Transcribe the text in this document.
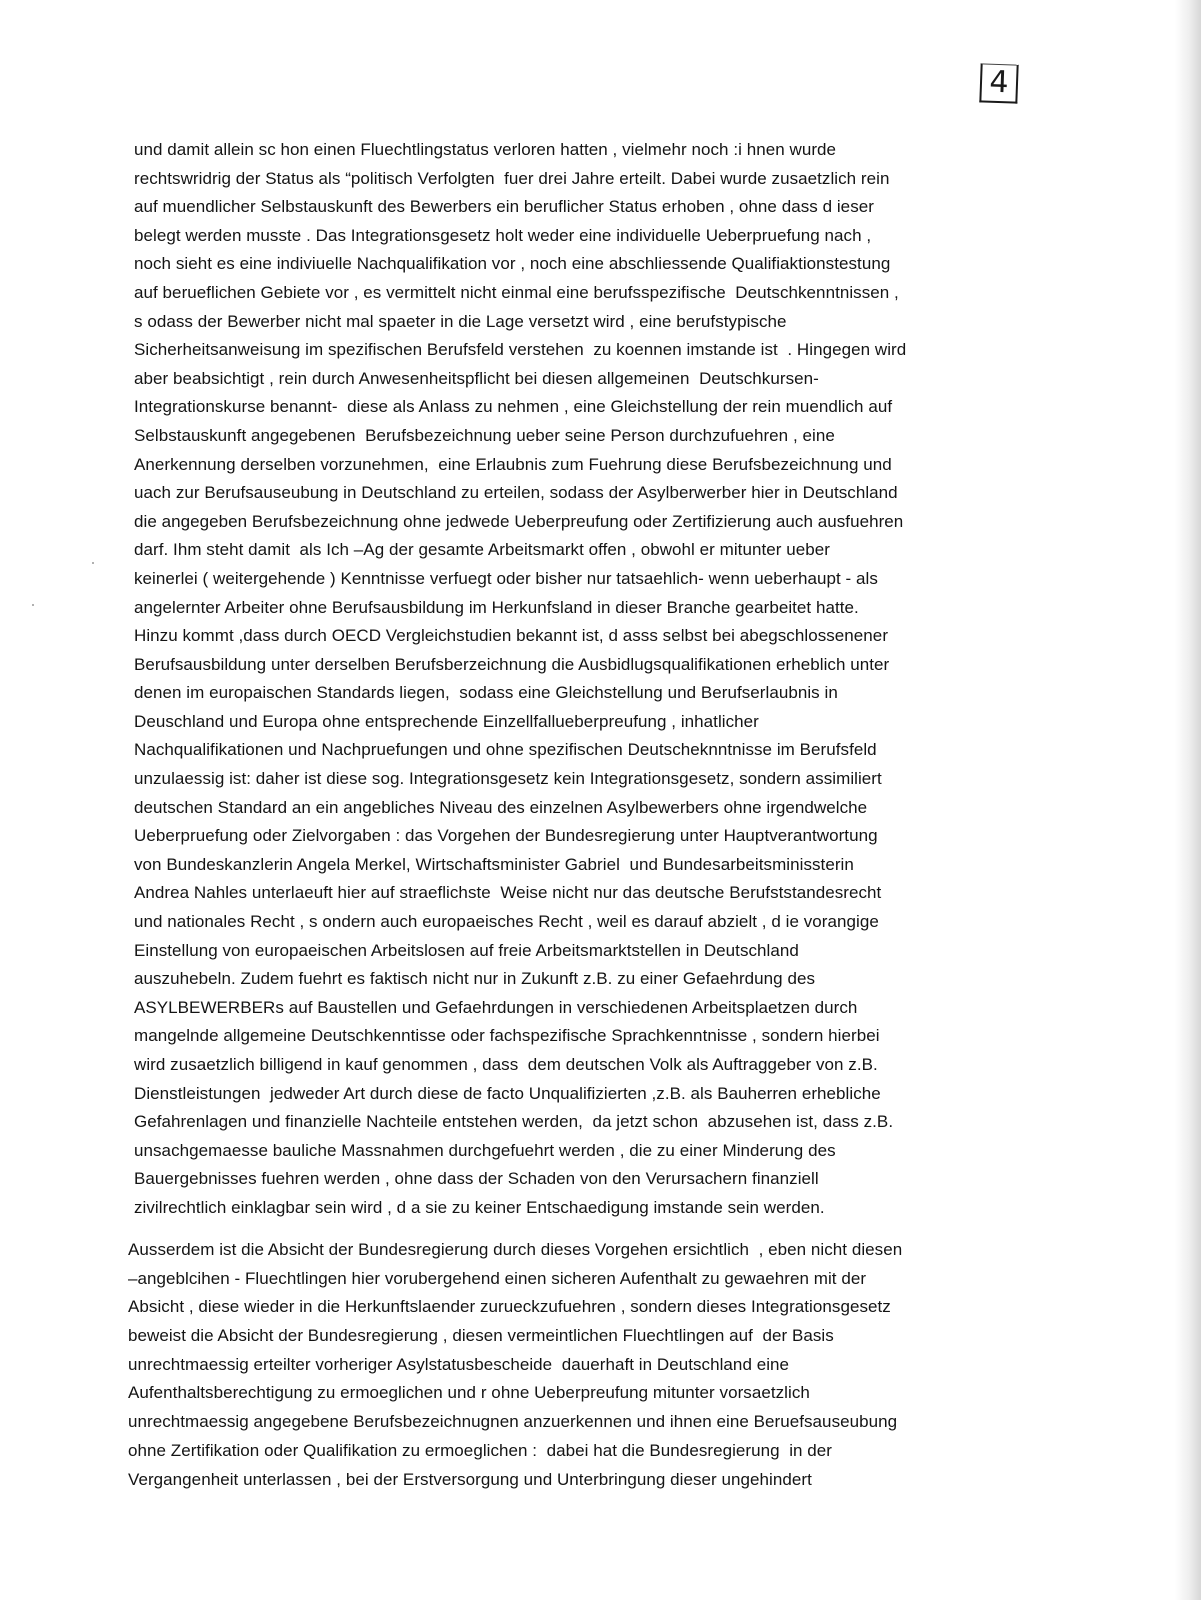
4
und damit allein sc hon einen Fluechtlingstatus verloren hatten , vielmehr noch :i hnen wurde
rechtswridrig der Status als “politisch Verfolgten  fuer drei Jahre erteilt. Dabei wurde zusaetzlich rein
auf muendlicher Selbstauskunft des Bewerbers ein beruflicher Status erhoben , ohne dass d ieser
belegt werden musste . Das Integrationsgesetz holt weder eine individuelle Ueberpruefung nach ,
noch sieht es eine indiviuelle Nachqualifikation vor , noch eine abschliessende Qualifiaktionstestung
auf berueflichen Gebiete vor , es vermittelt nicht einmal eine berufsspezifische  Deutschkenntnissen ,
s odass der Bewerber nicht mal spaeter in die Lage versetzt wird , eine berufstypische
Sicherheitsanweisung im spezifischen Berufsfeld verstehen  zu koennen imstande ist  . Hingegen wird
aber beabsichtigt , rein durch Anwesenheitspflicht bei diesen allgemeinen  Deutschkursen-
Integrationskurse benannt-  diese als Anlass zu nehmen , eine Gleichstellung der rein muendlich auf
Selbstauskunft angegebenen  Berufsbezeichnung ueber seine Person durchzufuehren , eine
Anerkennung derselben vorzunehmen,  eine Erlaubnis zum Fuehrung diese Berufsbezeichnung und
uach zur Berufsauseubung in Deutschland zu erteilen, sodass der Asylberwerber hier in Deutschland
die angegeben Berufsbezeichnung ohne jedwede Ueberpreufung oder Zertifizierung auch ausfuehren
darf. Ihm steht damit  als Ich –Ag der gesamte Arbeitsmarkt offen , obwohl er mitunter ueber
keinerlei ( weitergehende ) Kenntnisse verfuegt oder bisher nur tatsaehlich- wenn ueberhaupt - als
angelernter Arbeiter ohne Berufsausbildung im Herkunfsland in dieser Branche gearbeitet hatte.
Hinzu kommt ,dass durch OECD Vergleichstudien bekannt ist, d asss selbst bei abegschlossenener
Berufsausbildung unter derselben Berufsberzeichnung die Ausbidlugsqualifikationen erheblich unter
denen im europaischen Standards liegen,  sodass eine Gleichstellung und Berufserlaubnis in
Deuschland und Europa ohne entsprechende Einzellfallueberpreufung , inhatlicher
Nachqualifikationen und Nachpruefungen und ohne spezifischen Deutscheknntnisse im Berufsfeld
unzulaessig ist: daher ist diese sog. Integrationsgesetz kein Integrationsgesetz, sondern assimiliert
deutschen Standard an ein angebliches Niveau des einzelnen Asylbewerbers ohne irgendwelche
Ueberpruefung oder Zielvorgaben : das Vorgehen der Bundesregierung unter Hauptverantwortung
von Bundeskanzlerin Angela Merkel, Wirtschaftsminister Gabriel  und Bundesarbeitsminissterin
Andrea Nahles unterlaeuft hier auf straeflichste  Weise nicht nur das deutsche Berufststandesrecht
und nationales Recht , s ondern auch europaeisches Recht , weil es darauf abzielt , d ie vorangige
Einstellung von europaeischen Arbeitslosen auf freie Arbeitsmarktstellen in Deutschland
auszuhebeln. Zudem fuehrt es faktisch nicht nur in Zukunft z.B. zu einer Gefaehrdung des
ASYLBEWERBERs auf Baustellen und Gefaehrdungen in verschiedenen Arbeitsplaetzen durch
mangelnde allgemeine Deutschkenntisse oder fachspezifische Sprachkenntnisse , sondern hierbei
wird zusaetzlich billigend in kauf genommen , dass  dem deutschen Volk als Auftraggeber von z.B.
Dienstleistungen  jedweder Art durch diese de facto Unqualifizierten ,z.B. als Bauherren erhebliche
Gefahrenlagen und finanzielle Nachteile entstehen werden,  da jetzt schon  abzusehen ist, dass z.B.
unsachgemaesse bauliche Massnahmen durchgefuehrt werden , die zu einer Minderung des
Bauergebnisses fuehren werden , ohne dass der Schaden von den Verursachern finanziell
zivilrechtlich einklagbar sein wird , d a sie zu keiner Entschaedigung imstande sein werden.
Ausserdem ist die Absicht der Bundesregierung durch dieses Vorgehen ersichtlich  , eben nicht diesen
–angeblcihen - Fluechtlingen hier vorubergehend einen sicheren Aufenthalt zu gewaehren mit der
Absicht , diese wieder in die Herkunftslaender zurueckzufuehren , sondern dieses Integrationsgesetz
beweist die Absicht der Bundesregierung , diesen vermeintlichen Fluechtlingen auf  der Basis
unrechtmaessig erteilter vorheriger Asylstatusbescheide  dauerhaft in Deutschland eine
Aufenthaltsberechtigung zu ermoeglichen und r ohne Ueberpreufung mitunter vorsaetzlich
unrechtmaessig angegebene Berufsbezeichnugnen anzuerkennen und ihnen eine Beruefsauseubung
ohne Zertifikation oder Qualifikation zu ermoeglichen :  dabei hat die Bundesregierung  in der
Vergangenheit unterlassen , bei der Erstversorgung und Unterbringung dieser ungehindert
